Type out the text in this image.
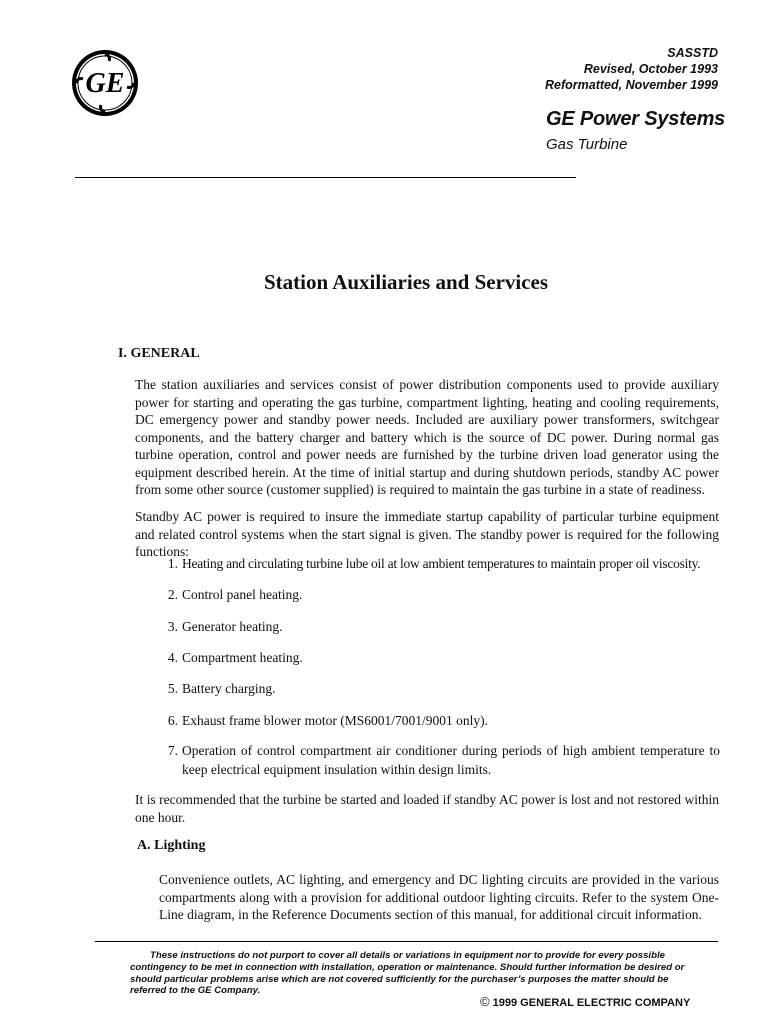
GE
SASSTD
Revised, October 1993
Reformatted, November 1999
GE Power Systems
Gas Turbine
Station Auxiliaries and Services
I. GENERAL

The station auxiliaries and services consist of power distribution components used to provide auxiliary power for starting and operating the gas turbine, compartment lighting, heating and cooling requirements, DC emergency power and standby power needs. Included are auxiliary power transformers, switchgear components, and the battery charger and battery which is the source of DC power. During normal gas turbine operation, control and power needs are furnished by the turbine driven load generator using the equipment described herein. At the time of initial startup and during shutdown periods, standby AC power from some other source (customer supplied) is required to maintain the gas turbine in a state of readiness.

Standby AC power is required to insure the immediate startup capability of particular turbine equipment and related control systems when the start signal is given. The standby power is required for the following functions:

1. Heating and circulating turbine lube oil at low ambient temperatures to maintain proper oil viscosity.
2. Control panel heating.
3. Generator heating.
4. Compartment heating.
5. Battery charging.
6. Exhaust frame blower motor (MS6001/7001/9001 only).
7. Operation of control compartment air conditioner during periods of high ambient temperature to keep electrical equipment insulation within design limits.

It is recommended that the turbine be started and loaded if standby AC power is lost and not restored within one hour.

A. Lighting

Convenience outlets, AC lighting, and emergency and DC lighting circuits are provided in the various compartments along with a provision for additional outdoor lighting circuits. Refer to the system One-Line diagram, in the Reference Documents section of this manual, for additional circuit information.

These instructions do not purport to cover all details or variations in equipment nor to provide for every possible
contingency to be met in connection with installation, operation or maintenance. Should further information be desired or
should particular problems arise which are not covered sufficiently for the purchaser’s purposes the matter should be
referred to the GE Company.
© 1999 GENERAL ELECTRIC COMPANY
